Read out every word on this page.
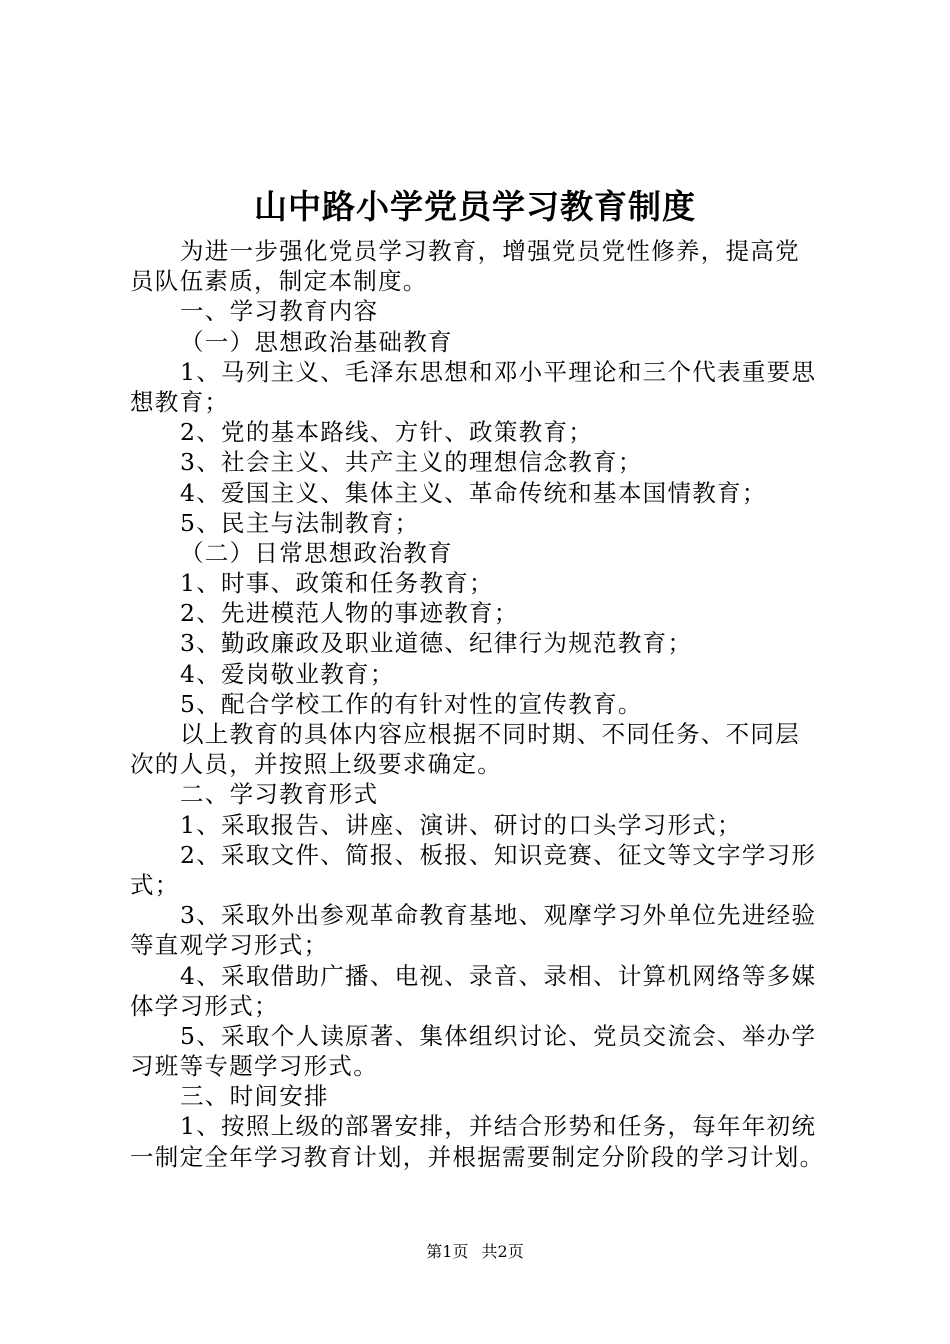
山中路小学党员学习教育制度
为进一步强化党员学习教育，增强党员党性修养，提高党
员队伍素质，制定本制度。
一、学习教育内容
（一）思想政治基础教育
1、马列主义、毛泽东思想和邓小平理论和三个代表重要思
想教育；
2、党的基本路线、方针、政策教育；
3、社会主义、共产主义的理想信念教育；
4、爱国主义、集体主义、革命传统和基本国情教育；
5、民主与法制教育；
（二）日常思想政治教育
1、时事、政策和任务教育；
2、先进模范人物的事迹教育；
3、勤政廉政及职业道德、纪律行为规范教育；
4、爱岗敬业教育；
5、配合学校工作的有针对性的宣传教育。
以上教育的具体内容应根据不同时期、不同任务、不同层
次的人员，并按照上级要求确定。
二、学习教育形式
1、采取报告、讲座、演讲、研讨的口头学习形式；
2、采取文件、简报、板报、知识竞赛、征文等文字学习形
式；
3、采取外出参观革命教育基地、观摩学习外单位先进经验
等直观学习形式；
4、采取借助广播、电视、录音、录相、计算机网络等多媒
体学习形式；
5、采取个人读原著、集体组织讨论、党员交流会、举办学
习班等专题学习形式。
三、时间安排
1、按照上级的部署安排，并结合形势和任务，每年年初统
一制定全年学习教育计划，并根据需要制定分阶段的学习计划。
第1页 共2页
